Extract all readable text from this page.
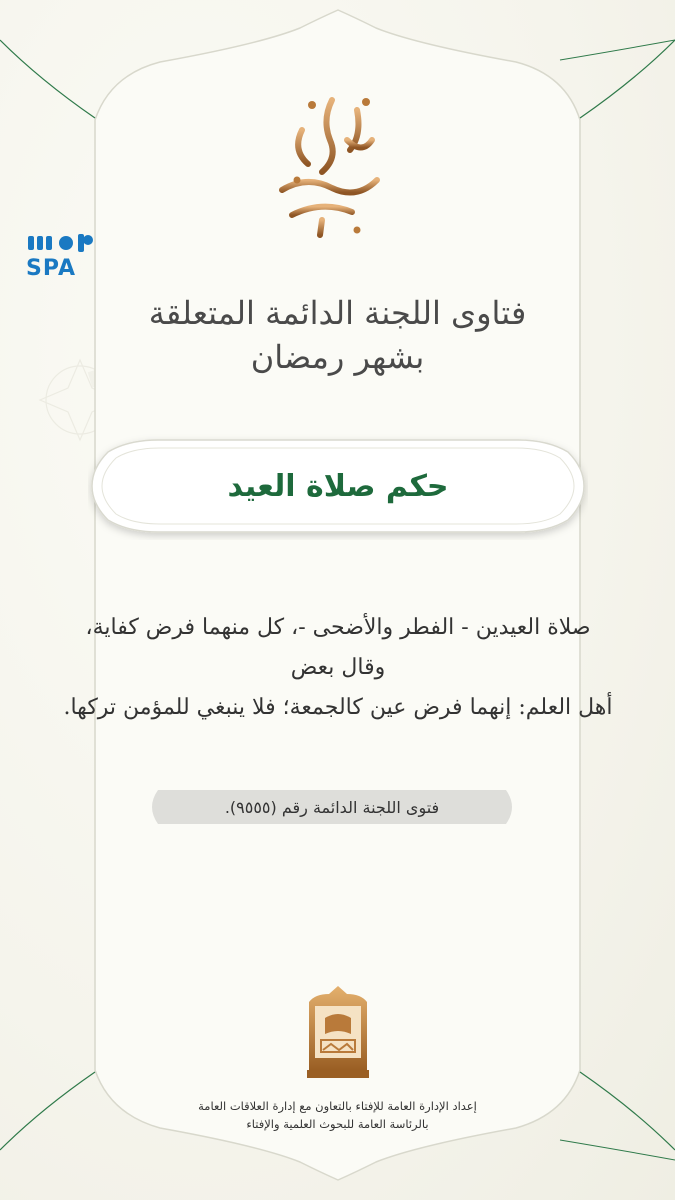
SPA
فتاوى اللجنة الدائمة المتعلقة
بشهر رمضان
حكم صلاة العيد
صلاة العيدين - الفطر والأضحى -، كل منهما فرض كفاية، وقال بعض
أهل العلم: إنهما فرض عين كالجمعة؛ فلا ينبغي للمؤمن تركها.
فتوى اللجنة الدائمة رقم (٩٥٥٥).
إعداد الإدارة العامة للإفتاء بالتعاون مع إدارة العلاقات العامة
بالرئاسة العامة للبحوث العلمية والإفتاء
